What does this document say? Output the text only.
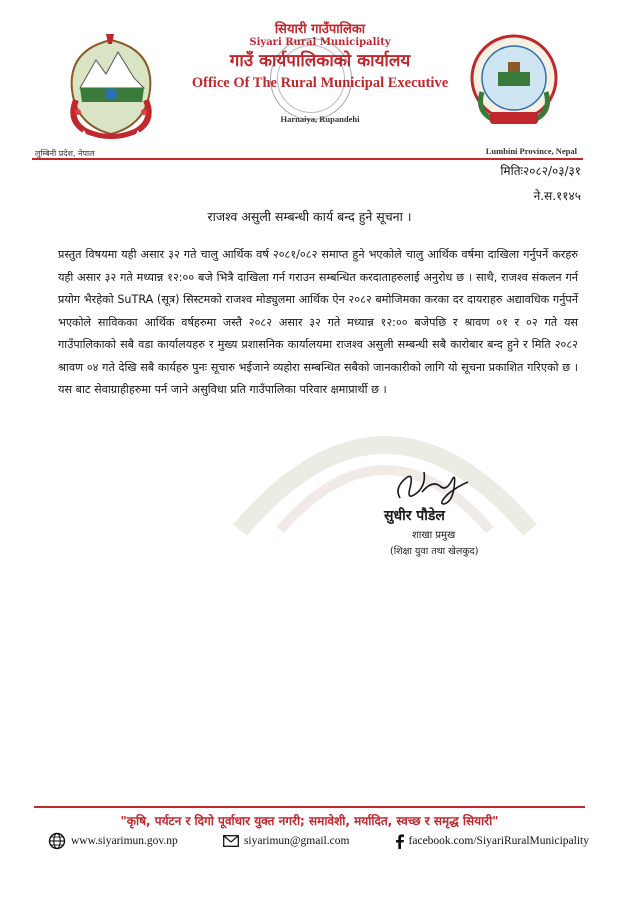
सियारी गाउँपालिका
Siyari Rural Municipality
गाउँ कार्यपालिकाको कार्यालय
Office Of The Rural Municipal Executive
Harnaiya, Rupandehi
लुम्बिनी प्रदेश, नेपाल	Lumbini Province, Nepal
मितिः२०८२/०३/३१
ने.स.११४५
राजश्व असुली सम्बन्धी कार्य बन्द हुने सूचना ।
प्रस्तुत विषयमा यही असार ३२ गते चालु आर्थिक वर्ष २०८१/०८२ समाप्त हुने भएकोले चालु आर्थिक वर्षमा दाखिला गर्नुपर्ने करहरु यही असार ३२ गते मध्यान्न १२:०० बजे भित्रै दाखिला गर्न गराउन सम्बन्धित करदाताहरुलाई अनुरोध छ । साथै, राजश्व संकलन गर्न प्रयोग भैरहेको SuTRA (सूत्र) सिस्टमको राजश्व मोड्युलमा आर्थिक ऐन २०८२ बमोजिमका करका दर दायराहरु अद्यावधिक गर्नुपर्ने भएकोले साविकका आर्थिक वर्षहरुमा जस्तै २०८२ असार ३२ गते मध्यान्न १२:०० बजेपछि र श्रावण ०१ र ०२ गते यस गाउँपालिकाको सबै वडा कार्यालयहरु र मुख्य प्रशासनिक कार्यालयमा राजश्व असुली सम्बन्धी सबै कारोबार बन्द हुने र मिति २०८२ श्रावण ०४ गते देखि सबै कार्यहरु पुनः सूचारु भईजाने व्यहोरा सम्बन्धित सबैको जानकारीको लागि यो सूचना प्रकाशित गरिएको छ । यस बाट सेवाग्राहीहरुमा पर्न जाने असुविधा प्रति गाउँपालिका परिवार क्षमाप्रार्थी छ ।
सुधीर पौडेल
शाखा प्रमुख
(शिक्षा युवा तथा खेलकुद)
"कृषि, पर्यटन र दिगो पूर्वाधार युक्त नगरी; समावेशी, मर्यादित, स्वच्छ र समृद्ध सियारी"
www.siyarimun.gov.np	siyarimun@gmail.com	facebook.com/SiyariRuralMunicipality
